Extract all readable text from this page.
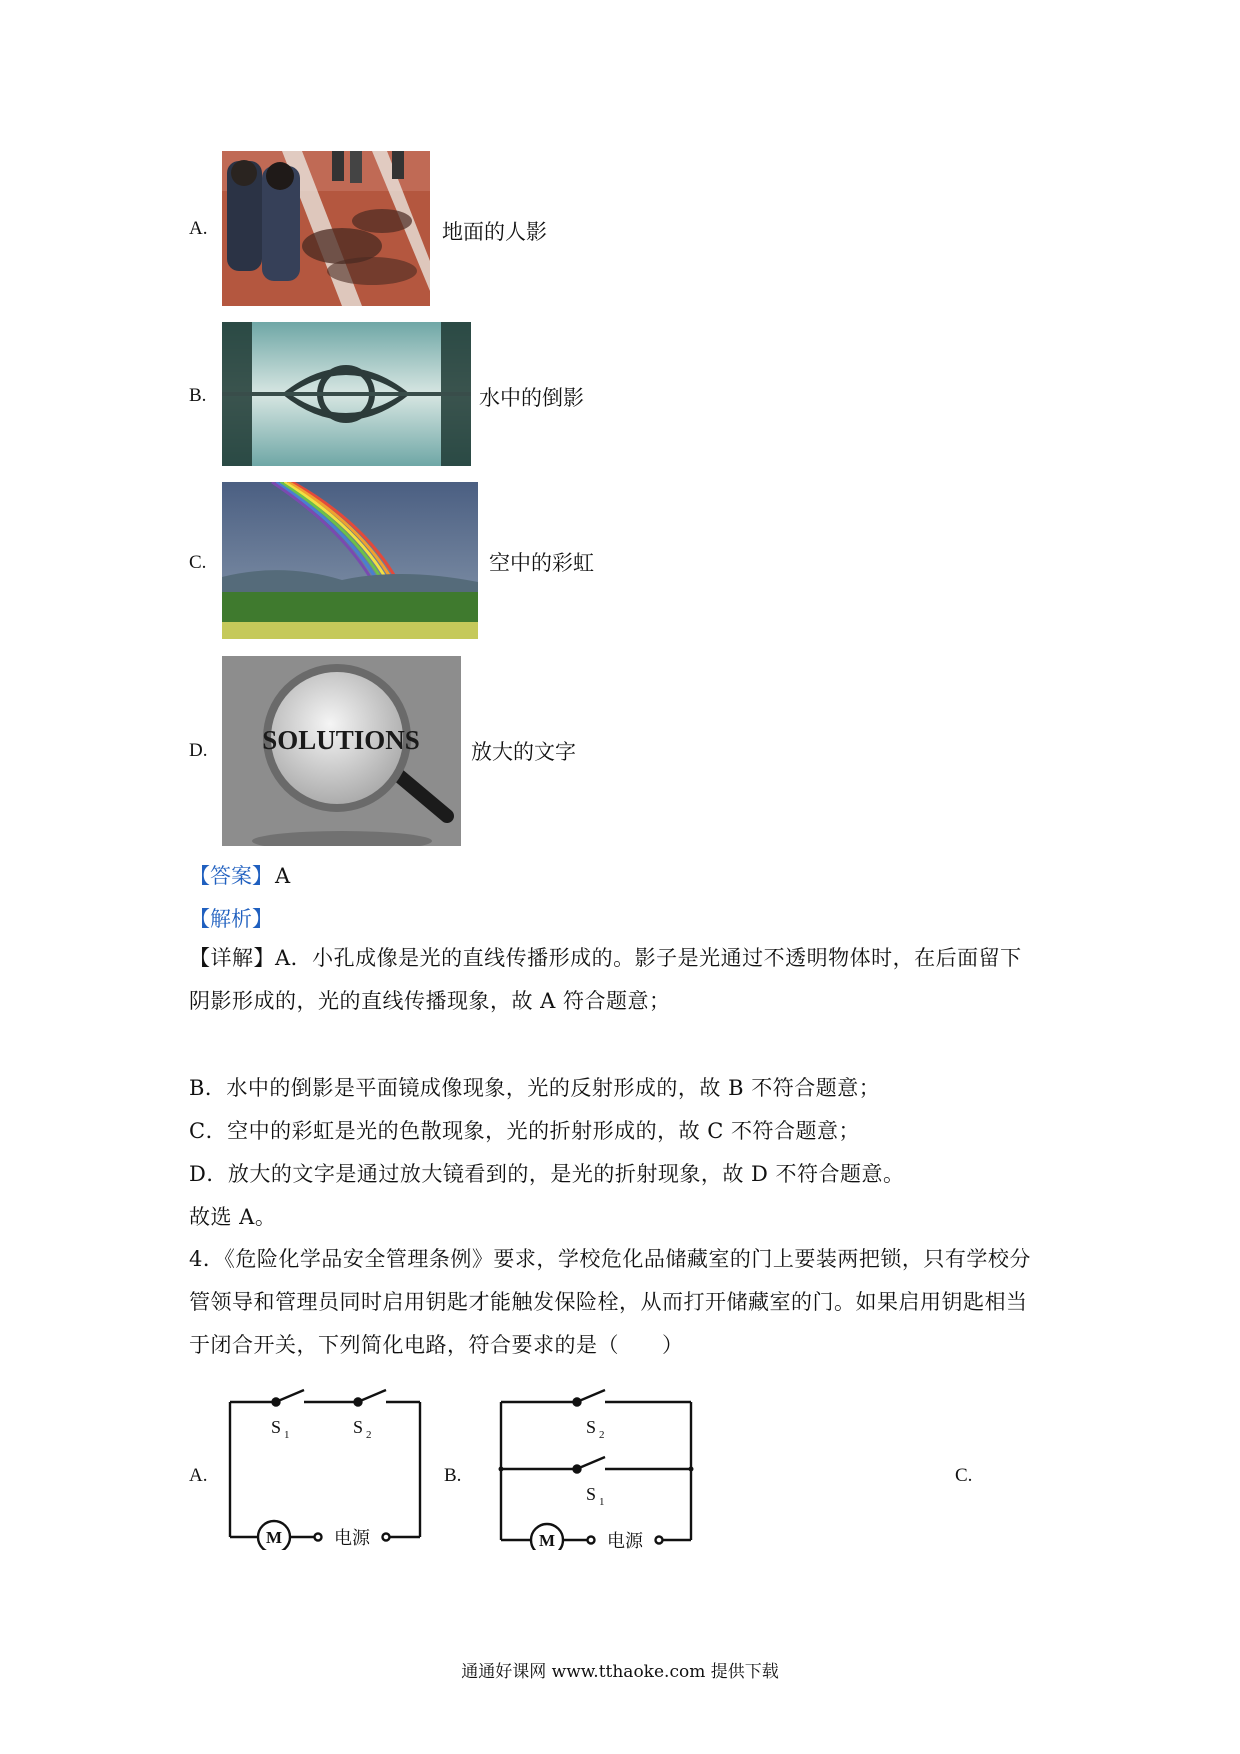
A.	地面的人影
B.	水中的倒影
C.	空中的彩虹
D. SOLUTIONS 放大的文字
【答案】A
【解析】
【详解】A．小孔成像是光的直线传播形成的。影子是光通过不透明物体时，在后面留下
阴影形成的，光的直线传播现象，故 A 符合题意；
B．水中的倒影是平面镜成像现象，光的反射形成的，故 B 不符合题意；
C．空中的彩虹是光的色散现象，光的折射形成的，故 C 不符合题意；
D．放大的文字是通过放大镜看到的，是光的折射现象，故 D 不符合题意。
故选 A。
4．《危险化学品安全管理条例》要求，学校危化品储藏室的门上要装两把锁，只有学校分
管领导和管理员同时启用钥匙才能触发保险栓，从而打开储藏室的门。如果启用钥匙相当
于闭合开关，下列简化电路，符合要求的是（　　）
A.
M	电源
S 1	S 2
B.
M	电源
S 2
S 1
C.
通通好课网 www.tthaoke.com 提供下载
